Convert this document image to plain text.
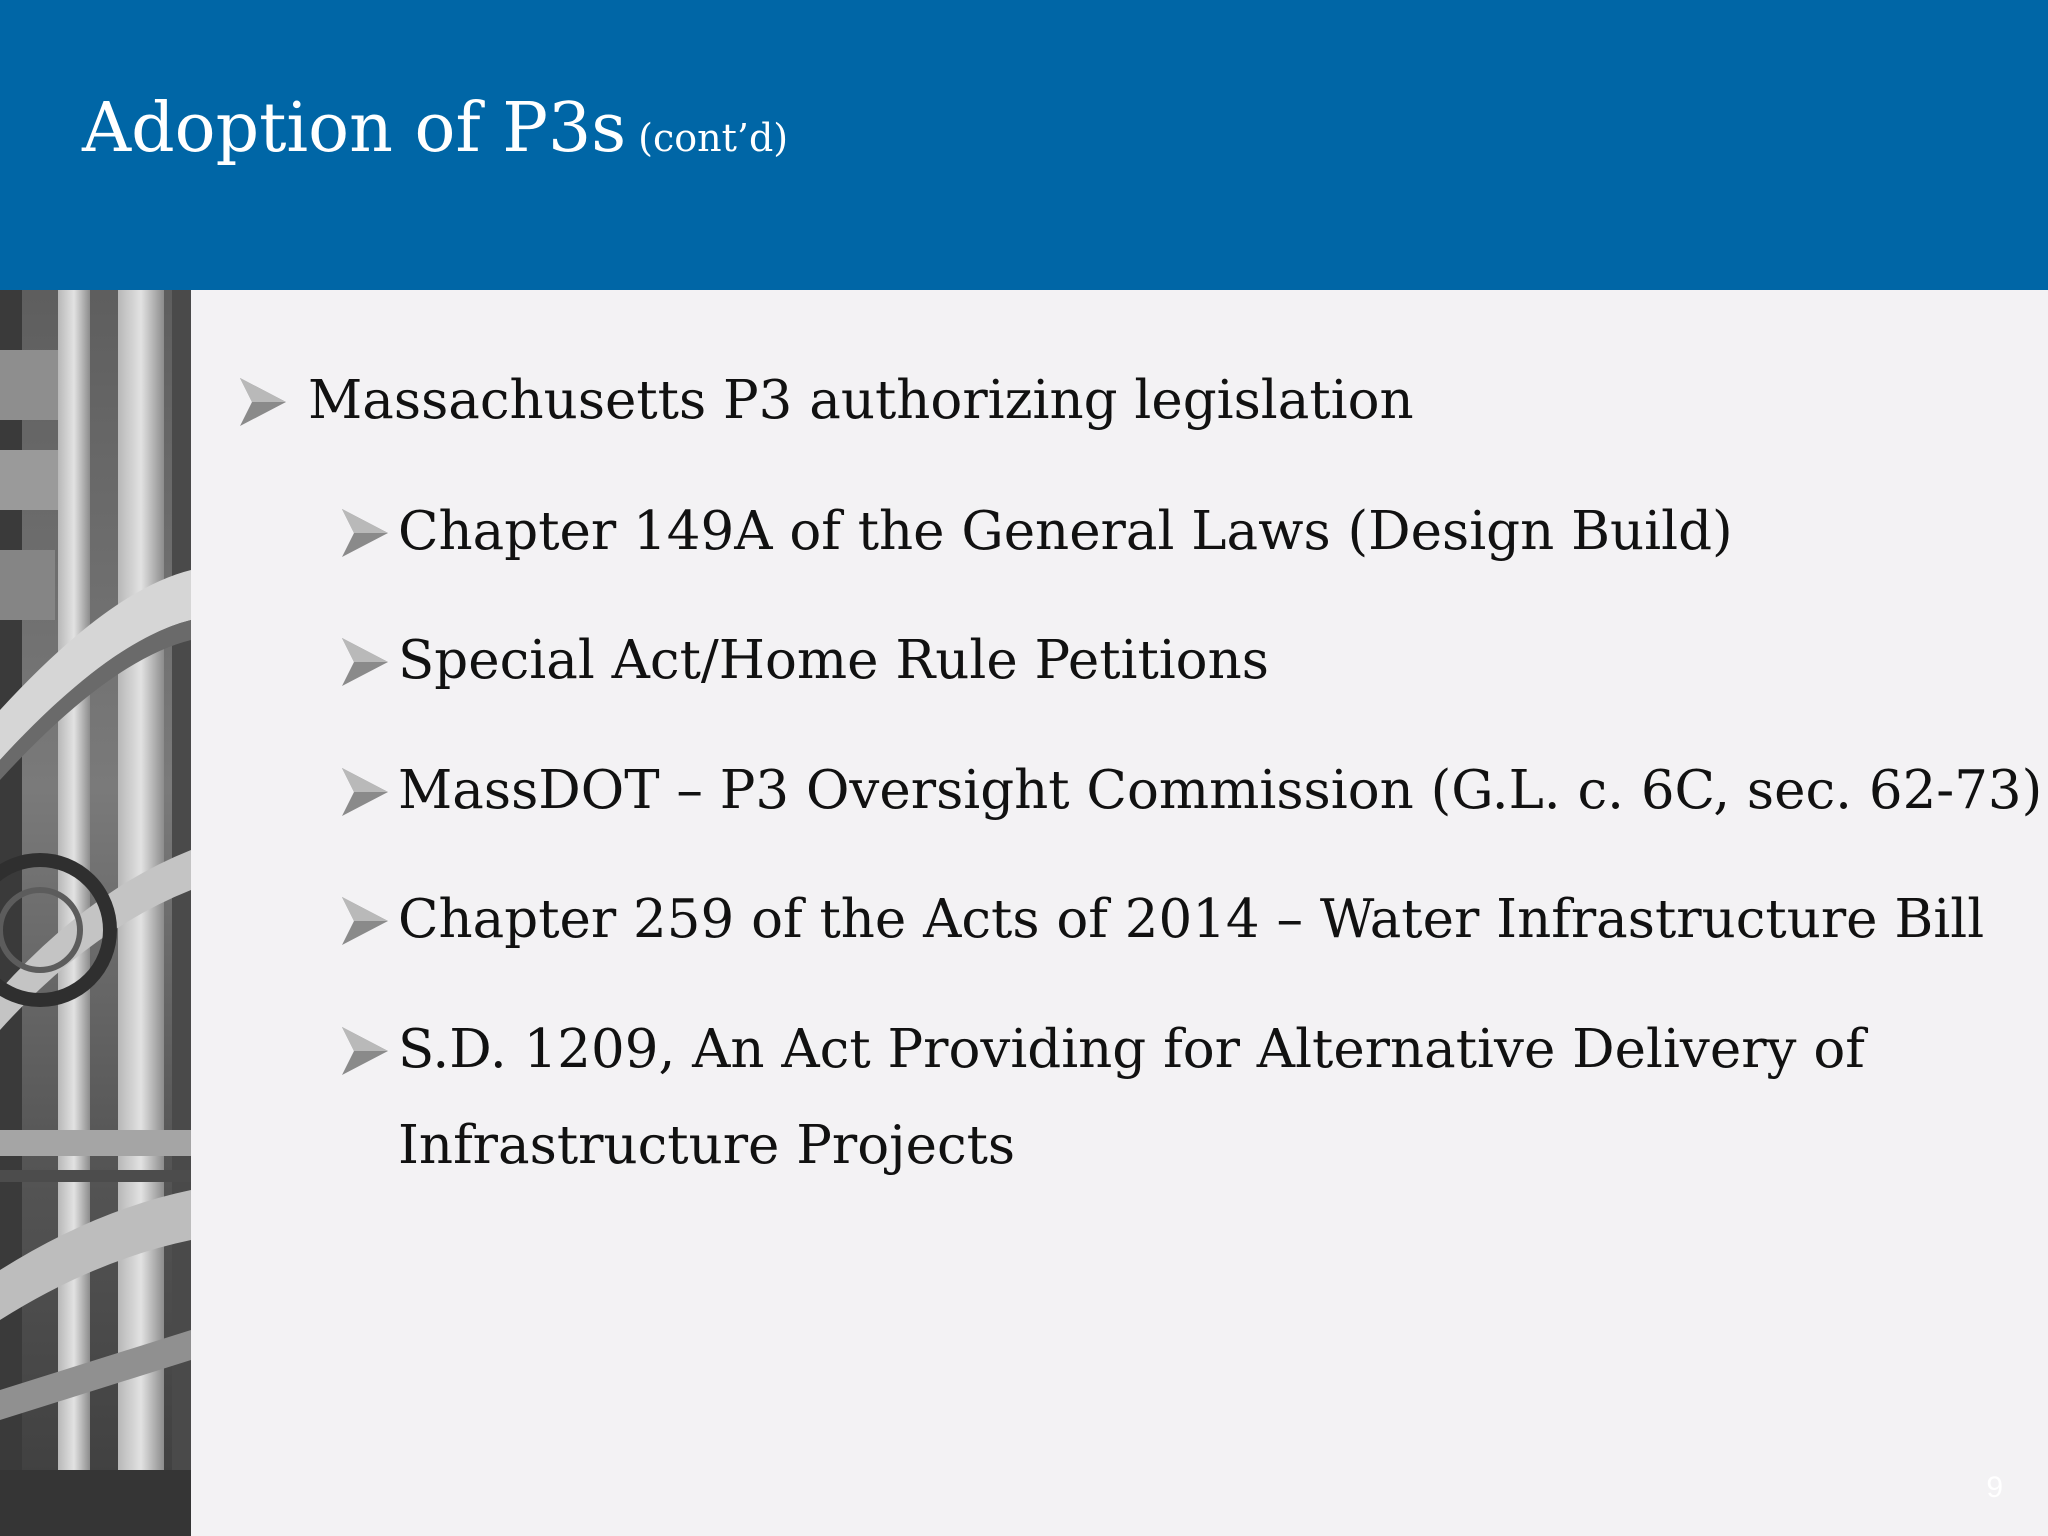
Adoption of P3s (cont’d)
Massachusetts P3 authorizing legislation
Chapter 149A of the General Laws (Design Build)
Special Act/Home Rule Petitions
MassDOT – P3 Oversight Commission (G.L. c. 6C, sec. 62-73)
Chapter 259 of the Acts of 2014 – Water Infrastructure Bill
S.D. 1209, An Act Providing for Alternative Delivery of
Infrastructure Projects
9
